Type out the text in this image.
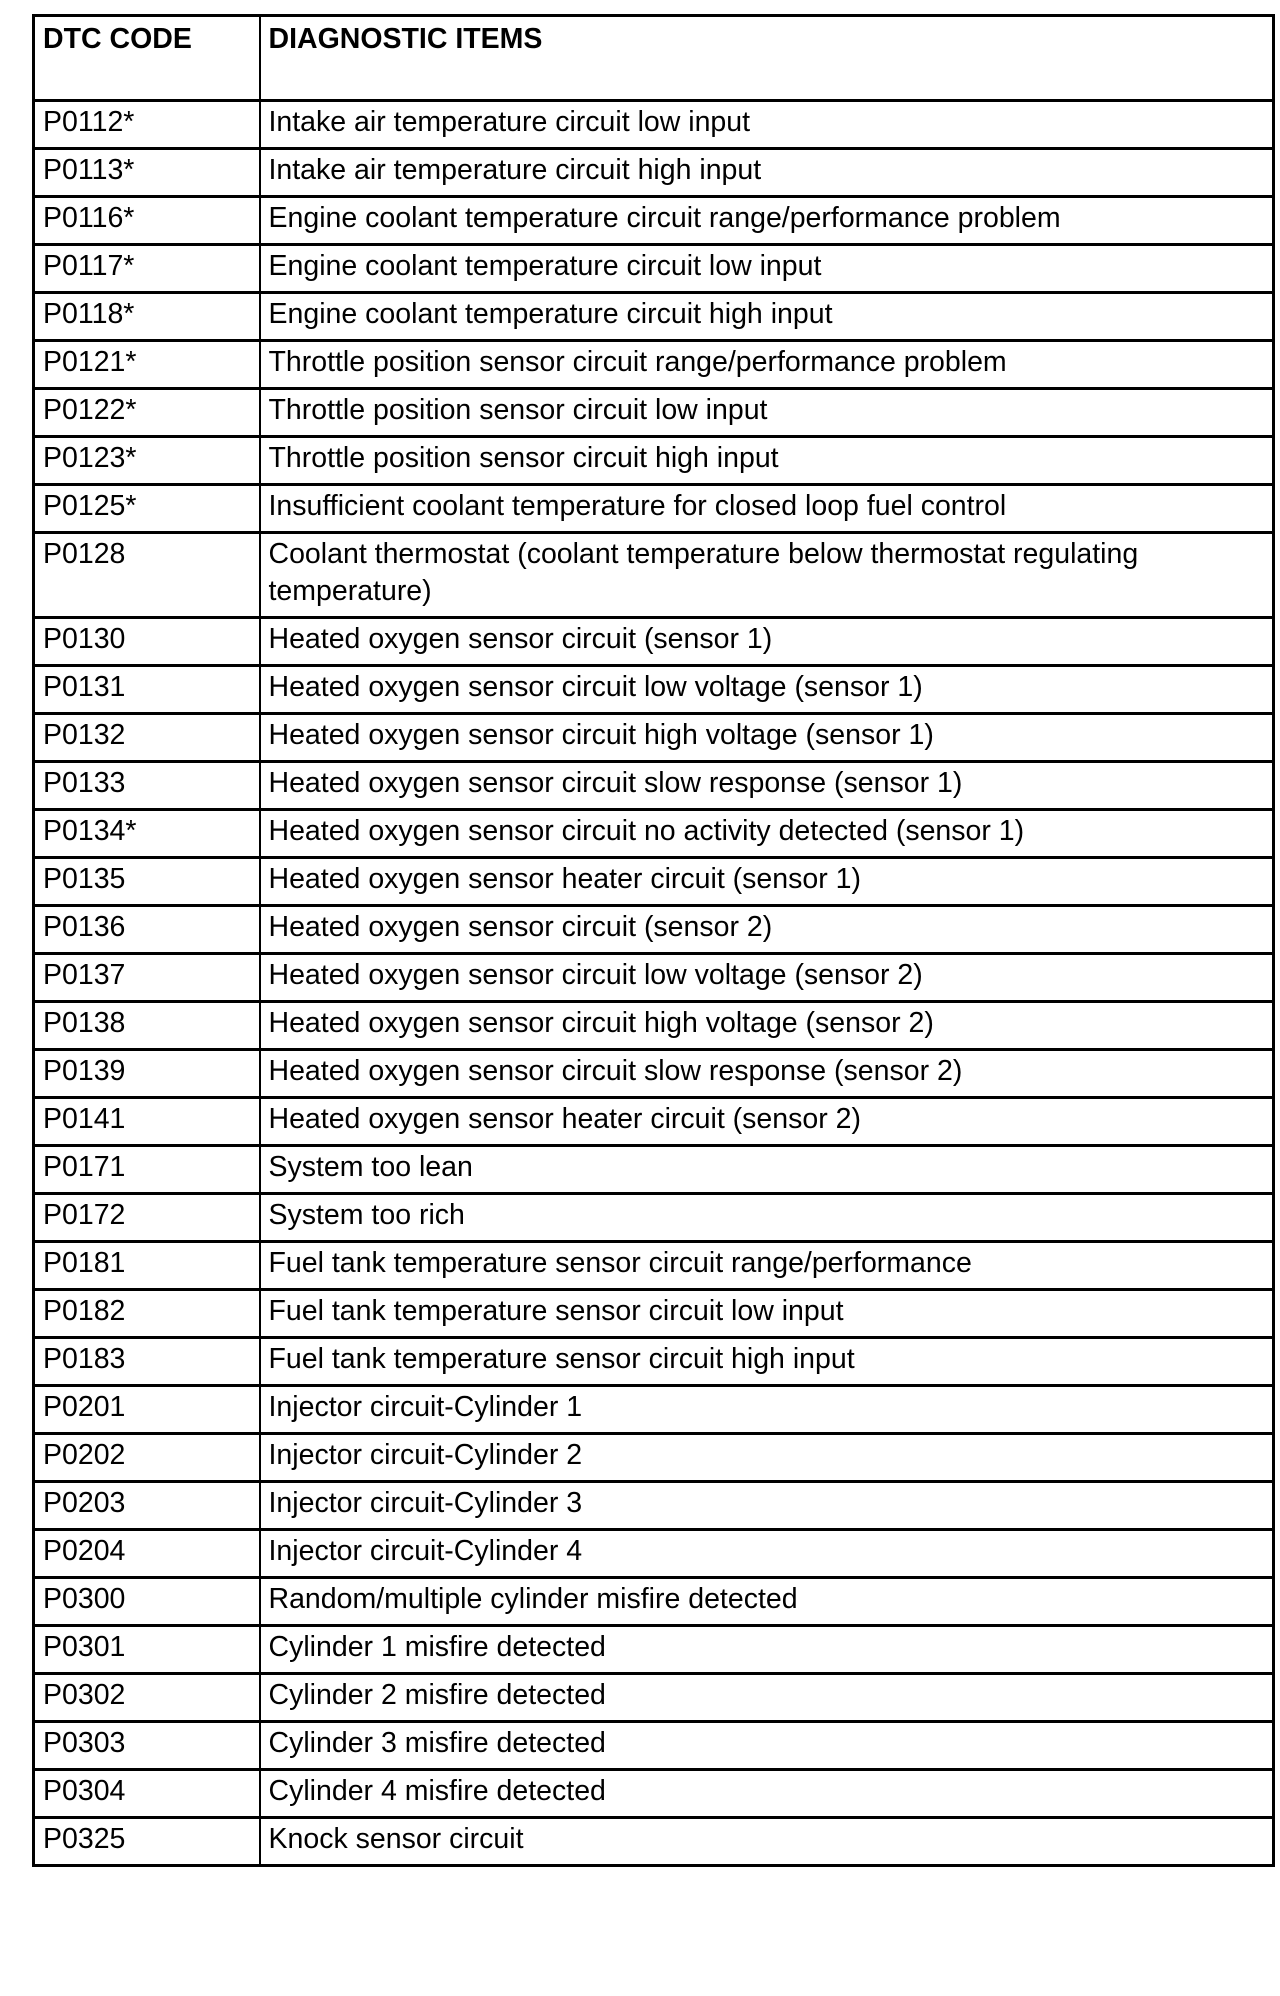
DTC CODE	DIAGNOSTIC ITEMS
P0112*	Intake air temperature circuit low input
P0113*	Intake air temperature circuit high input
P0116*	Engine coolant temperature circuit range/performance problem
P0117*	Engine coolant temperature circuit low input
P0118*	Engine coolant temperature circuit high input
P0121*	Throttle position sensor circuit range/performance problem
P0122*	Throttle position sensor circuit low input
P0123*	Throttle position sensor circuit high input
P0125*	Insufficient coolant temperature for closed loop fuel control
P0128	Coolant thermostat (coolant temperature below thermostat regulating temperature)
P0130	Heated oxygen sensor circuit (sensor 1)
P0131	Heated oxygen sensor circuit low voltage (sensor 1)
P0132	Heated oxygen sensor circuit high voltage (sensor 1)
P0133	Heated oxygen sensor circuit slow response (sensor 1)
P0134*	Heated oxygen sensor circuit no activity detected (sensor 1)
P0135	Heated oxygen sensor heater circuit (sensor 1)
P0136	Heated oxygen sensor circuit (sensor 2)
P0137	Heated oxygen sensor circuit low voltage (sensor 2)
P0138	Heated oxygen sensor circuit high voltage (sensor 2)
P0139	Heated oxygen sensor circuit slow response (sensor 2)
P0141	Heated oxygen sensor heater circuit (sensor 2)
P0171	System too lean
P0172	System too rich
P0181	Fuel tank temperature sensor circuit range/performance
P0182	Fuel tank temperature sensor circuit low input
P0183	Fuel tank temperature sensor circuit high input
P0201	Injector circuit-Cylinder 1
P0202	Injector circuit-Cylinder 2
P0203	Injector circuit-Cylinder 3
P0204	Injector circuit-Cylinder 4
P0300	Random/multiple cylinder misfire detected
P0301	Cylinder 1 misfire detected
P0302	Cylinder 2 misfire detected
P0303	Cylinder 3 misfire detected
P0304	Cylinder 4 misfire detected
P0325	Knock sensor circuit
